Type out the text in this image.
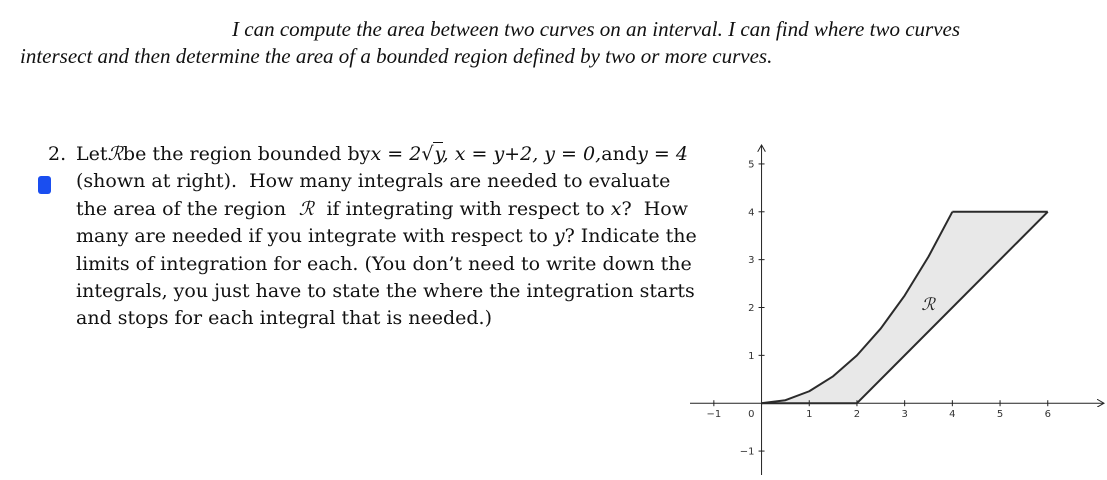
I can compute the area between two curves on an interval. I can find where two curves
intersect and then determine the area of a bounded region defined by two or more curves.

2. Let ℛ be the region bounded by x = 2√y, x = y+2, y = 0, and y = 4
(shown at right).  How many integrals are needed to evaluate
the area of the region ℛ if integrating with respect to x?  How
many are needed if you integrate with respect to y? Indicate the
limits of integration for each. (You don’t need to write down the
integrals, you just have to state the where the integration starts
and stops for each integral that is needed.)
−1	1	2	3	4	5	6
−1
1
2
3
4
5
0
ℛ
